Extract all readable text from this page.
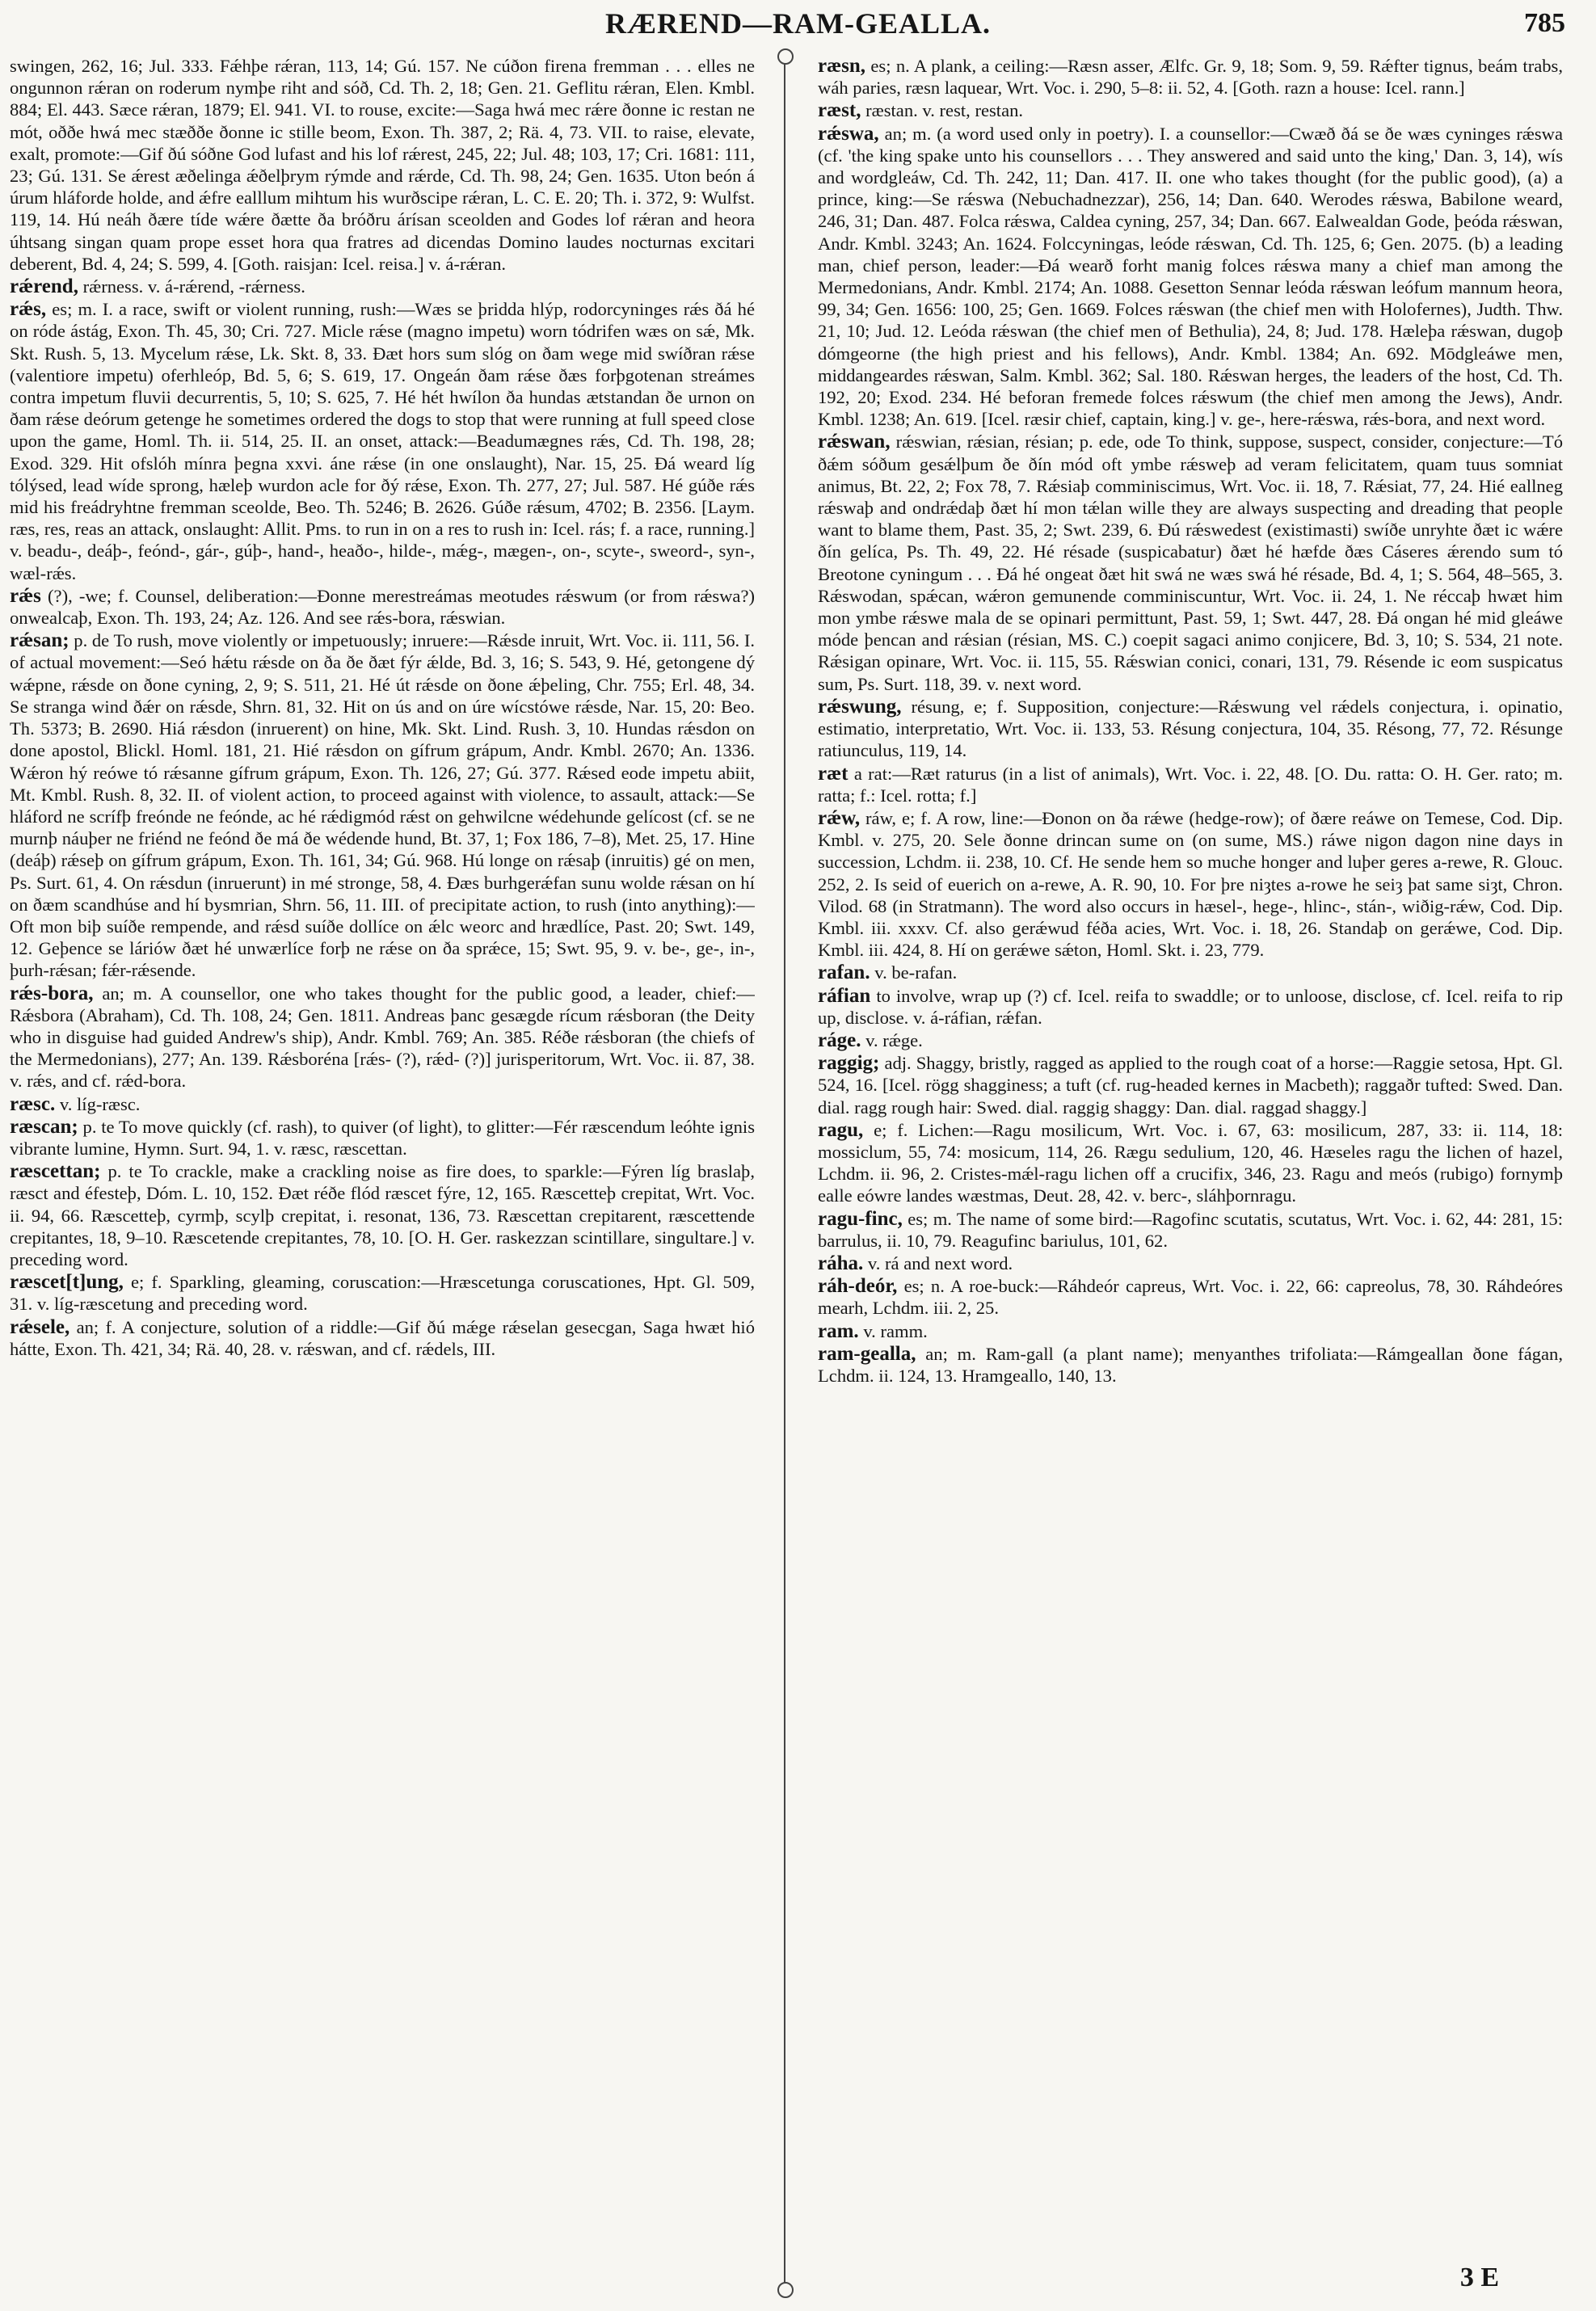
RÆREND—RAM-GEALLA.	785

swingen, 262, 16; Jul. 333. Fǽhþe rǽran, 113, 14; Gú. 157. Ne cúðon firena fremman . . . elles ne ongunnon rǽran on roderum nymþe riht and sóð, Cd. Th. 2, 18; Gen. 21. Geflitu rǽran, Elen. Kmbl. 884; El. 443. Sæce rǽran, 1879; El. 941. VI. to rouse, excite:—Saga hwá mec rǽre ðonne ic restan ne mót, oððe hwá mec stæððe ðonne ic stille beom, Exon. Th. 387, 2; Rä. 4, 73. VII. to raise, elevate, exalt, promote:—Gif ðú sóðne God lufast and his lof rǽrest, 245, 22; Jul. 48; 103, 17; Cri. 1681: 111, 23; Gú. 131. Se ǽrest æðelinga ǽðelþrym rýmde and rǽrde, Cd. Th. 98, 24; Gen. 1635. Uton beón á úrum hláforde holde, and ǽfre ealllum mihtum his wurðscipe rǽran, L. C. E. 20; Th. i. 372, 9: Wulfst. 119, 14. Hú neáh ðære tíde wǽre ðætte ða bróðru árísan sceolden and Godes lof rǽran and heora úhtsang singan quam prope esset hora qua fratres ad dicendas Domino laudes nocturnas excitari deberent, Bd. 4, 24; S. 599, 4. [Goth. raisjan: Icel. reisa.] v. á-rǽran.

rǽrend, rǽrness. v. á-rǽrend, -rǽrness.

rǽs, es; m. I. a race, swift or violent running, rush:—Wæs se þridda hlýp, rodorcyninges rǽs ðá hé on róde ástág, Exon. Th. 45, 30; Cri. 727. Micle rǽse (magno impetu) worn tódrifen wæs on sǽ, Mk. Skt. Rush. 5, 13. Mycelum rǽse, Lk. Skt. 8, 33. Ðæt hors sum slóg on ðam wege mid swíðran rǽse (valentiore impetu) oferhleóp, Bd. 5, 6; S. 619, 17. Ongeán ðam rǽse ðæs forþgotenan streámes contra impetum fluvii decurrentis, 5, 10; S. 625, 7. Hé hét hwílon ða hundas ætstandan ðe urnon on ðam rǽse deórum getenge he sometimes ordered the dogs to stop that were running at full speed close upon the game, Homl. Th. ii. 514, 25. II. an onset, attack:—Beadumægnes rǽs, Cd. Th. 198, 28; Exod. 329. Hit ofslóh mínra þegna xxvi. áne rǽse (in one onslaught), Nar. 15, 25. Ðá weard líg tólýsed, lead wíde sprong, hæleþ wurdon acle for ðý rǽse, Exon. Th. 277, 27; Jul. 587. Hé gúðe rǽs mid his freádryhtne fremman sceolde, Beo. Th. 5246; B. 2626. Gúðe rǽsum, 4702; B. 2356. [Laym. ræs, res, reas an attack, onslaught: Allit. Pms. to run in on a res to rush in: Icel. rás; f. a race, running.] v. beadu-, deáþ-, feónd-, gár-, gúþ-, hand-, heaðo-, hilde-, mǽg-, mægen-, on-, scyte-, sweord-, syn-, wæl-rǽs.

rǽs (?), -we; f. Counsel, deliberation:—Ðonne merestreámas meotudes rǽswum (or from rǽswa?) onwealcaþ, Exon. Th. 193, 24; Az. 126. And see rǽs-bora, rǽswian.

rǽsan; p. de To rush, move violently or impetuously; inruere:—Rǽsde inruit, Wrt. Voc. ii. 111, 56. I. of actual movement:—Seó hǽtu rǽsde on ða ðe ðæt fýr ǽlde, Bd. 3, 16; S. 543, 9. Hé, getongene dý wǽpne, rǽsde on ðone cyning, 2, 9; S. 511, 21. Hé út rǽsde on ðone ǽþeling, Chr. 755; Erl. 48, 34. Se stranga wind ðǽr on rǽsde, Shrn. 81, 32. Hit on ús and on úre wícstówe rǽsde, Nar. 15, 20: Beo. Th. 5373; B. 2690. Hiá rǽsdon (inruerent) on hine, Mk. Skt. Lind. Rush. 3, 10. Hundas rǽsdon on done apostol, Blickl. Homl. 181, 21. Hié rǽsdon on gífrum grápum, Andr. Kmbl. 2670; An. 1336. Wǽron hý reówe tó rǽsanne gífrum grápum, Exon. Th. 126, 27; Gú. 377. Rǽsed eode impetu abiit, Mt. Kmbl. Rush. 8, 32. II. of violent action, to proceed against with violence, to assault, attack:—Se hláford ne scrífþ freónde ne feónde, ac hé rǽdigmód rǽst on gehwilcne wédehunde gelícost (cf. se ne murnþ náuþer ne friénd ne feónd ðe má ðe wédende hund, Bt. 37, 1; Fox 186, 7–8), Met. 25, 17. Hine (deáþ) rǽseþ on gífrum grápum, Exon. Th. 161, 34; Gú. 968. Hú longe on rǽsaþ (inruitis) gé on men, Ps. Surt. 61, 4. On rǽsdun (inruerunt) in mé stronge, 58, 4. Ðæs burhgerǽfan sunu wolde rǽsan on hí on ðæm scandhúse and hí bysmrian, Shrn. 56, 11. III. of precipitate action, to rush (into anything):—Oft mon biþ suíðe rempende, and rǽsd suíðe dollíce on ǽlc weorc and hrædlíce, Past. 20; Swt. 149, 12. Geþence se láriów ðæt hé unwærlíce forþ ne rǽse on ða sprǽce, 15; Swt. 95, 9. v. be-, ge-, in-, þurh-rǽsan; fǽr-rǽsende.

rǽs-bora, an; m. A counsellor, one who takes thought for the public good, a leader, chief:—Rǽsbora (Abraham), Cd. Th. 108, 24; Gen. 1811. Andreas þanc gesægde rícum rǽsboran (the Deity who in disguise had guided Andrew's ship), Andr. Kmbl. 769; An. 385. Réðe rǽsboran (the chiefs of the Mermedonians), 277; An. 139. Rǽsboréna [rǽs- (?), rǽd- (?)] jurisperitorum, Wrt. Voc. ii. 87, 38. v. rǽs, and cf. rǽd-bora.

ræsc. v. líg-ræsc.

ræscan; p. te To move quickly (cf. rash), to quiver (of light), to glitter:—Fér ræscendum leóhte ignis vibrante lumine, Hymn. Surt. 94, 1. v. ræsc, ræscettan.

ræscettan; p. te To crackle, make a crackling noise as fire does, to sparkle:—Fýren líg braslaþ, ræsct and éfesteþ, Dóm. L. 10, 152. Ðæt réðe flód ræscet fýre, 12, 165. Ræscetteþ crepitat, Wrt. Voc. ii. 94, 66. Ræscetteþ, cyrmþ, scylþ crepitat, i. resonat, 136, 73. Ræscettan crepitarent, ræscettende crepitantes, 18, 9–10. Ræscetende crepitantes, 78, 10. [O. H. Ger. raskezzan scintillare, singultare.] v. preceding word.

ræscet[t]ung, e; f. Sparkling, gleaming, coruscation:—Hræscetunga coruscationes, Hpt. Gl. 509, 31. v. líg-ræscetung and preceding word.

rǽsele, an; f. A conjecture, solution of a riddle:—Gif ðú mǽge rǽselan gesecgan, Saga hwæt hió hátte, Exon. Th. 421, 34; Rä. 40, 28. v. rǽswan, and cf. rǽdels, III.

ræsn, es; n. A plank, a ceiling:—Ræsn asser, Ælfc. Gr. 9, 18; Som. 9, 59. Rǽfter tignus, beám trabs, wáh paries, ræsn laquear, Wrt. Voc. i. 290, 5–8: ii. 52, 4. [Goth. razn a house: Icel. rann.]

ræst, ræstan. v. rest, restan.

rǽswa, an; m. (a word used only in poetry). I. a counsellor:—Cwæð ðá se ðe wæs cyninges rǽswa (cf. 'the king spake unto his counsellors . . . They answered and said unto the king,' Dan. 3, 14), wís and wordgleáw, Cd. Th. 242, 11; Dan. 417. II. one who takes thought (for the public good), (a) a prince, king:—Se rǽswa (Nebuchadnezzar), 256, 14; Dan. 640. Werodes rǽswa, Babilone weard, 246, 31; Dan. 487. Folca rǽswa, Caldea cyning, 257, 34; Dan. 667. Ealwealdan Gode, þeóda rǽswan, Andr. Kmbl. 3243; An. 1624. Folccyningas, leóde rǽswan, Cd. Th. 125, 6; Gen. 2075. (b) a leading man, chief person, leader:—Ðá wearð forht manig folces rǽswa many a chief man among the Mermedonians, Andr. Kmbl. 2174; An. 1088. Gesetton Sennar leóda rǽswan leófum mannum heora, 99, 34; Gen. 1656: 100, 25; Gen. 1669. Folces rǽswan (the chief men with Holofernes), Judth. Thw. 21, 10; Jud. 12. Leóda rǽswan (the chief men of Bethulia), 24, 8; Jud. 178. Hæleþa rǽswan, dugoþ dómgeorne (the high priest and his fellows), Andr. Kmbl. 1384; An. 692. Mōdgleáwe men, middangeardes rǽswan, Salm. Kmbl. 362; Sal. 180. Rǽswan herges, the leaders of the host, Cd. Th. 192, 20; Exod. 234. Hé beforan fremede folces rǽswum (the chief men among the Jews), Andr. Kmbl. 1238; An. 619. [Icel. ræsir chief, captain, king.] v. ge-, here-rǽswa, rǽs-bora, and next word.

rǽswan, rǽswian, rǽsian, résian; p. ede, ode To think, suppose, suspect, consider, conjecture:—Tó ðǽm sóðum gesǽlþum ðe ðín mód oft ymbe rǽsweþ ad veram felicitatem, quam tuus somniat animus, Bt. 22, 2; Fox 78, 7. Rǽsiaþ comminiscimus, Wrt. Voc. ii. 18, 7. Rǽsiat, 77, 24. Hié eallneg rǽswaþ and ondrǽdaþ ðæt hí mon tǽlan wille they are always suspecting and dreading that people want to blame them, Past. 35, 2; Swt. 239, 6. Ðú rǽswedest (existimasti) swíðe unryhte ðæt ic wǽre ðín gelíca, Ps. Th. 49, 22. Hé résade (suspicabatur) ðæt hé hæfde ðæs Cáseres ǽrendo sum tó Breotone cyningum . . . Ðá hé ongeat ðæt hit swá ne wæs swá hé résade, Bd. 4, 1; S. 564, 48–565, 3. Rǽswodan, spǽcan, wǽron gemunende comminiscuntur, Wrt. Voc. ii. 24, 1. Ne réccaþ hwæt him mon ymbe rǽswe mala de se opinari permittunt, Past. 59, 1; Swt. 447, 28. Ðá ongan hé mid gleáwe móde þencan and rǽsian (résian, MS. C.) coepit sagaci animo conjicere, Bd. 3, 10; S. 534, 21 note. Rǽsigan opinare, Wrt. Voc. ii. 115, 55. Rǽswian conici, conari, 131, 79. Résende ic eom suspicatus sum, Ps. Surt. 118, 39. v. next word.

rǽswung, résung, e; f. Supposition, conjecture:—Rǽswung vel rǽdels conjectura, i. opinatio, estimatio, interpretatio, Wrt. Voc. ii. 133, 53. Résung conjectura, 104, 35. Résong, 77, 72. Résunge ratiunculus, 119, 14.

ræt a rat:—Ræt raturus (in a list of animals), Wrt. Voc. i. 22, 48. [O. Du. ratta: O. H. Ger. rato; m. ratta; f.: Icel. rotta; f.]

rǽw, ráw, e; f. A row, line:—Ðonon on ða rǽwe (hedge-row); of ðære reáwe on Temese, Cod. Dip. Kmbl. v. 275, 20. Sele ðonne drincan sume on (on sume, MS.) ráwe nigon dagon nine days in succession, Lchdm. ii. 238, 10. Cf. He sende hem so muche honger and luþer geres a-rewe, R. Glouc. 252, 2. Is seid of euerich on a-rewe, A. R. 90, 10. For þre niȝtes a-rowe he seiȝ þat same siȝt, Chron. Vilod. 68 (in Stratmann). The word also occurs in hæsel-, hege-, hlinc-, stán-, wiðig-rǽw, Cod. Dip. Kmbl. iii. xxxv. Cf. also gerǽwud féða acies, Wrt. Voc. i. 18, 26. Standaþ on gerǽwe, Cod. Dip. Kmbl. iii. 424, 8. Hí on gerǽwe sǽton, Homl. Skt. i. 23, 779.

rafan. v. be-rafan.

ráfian to involve, wrap up (?) cf. Icel. reifa to swaddle; or to unloose, disclose, cf. Icel. reifa to rip up, disclose. v. á-ráfian, rǽfan.

ráge. v. rǽge.

raggig; adj. Shaggy, bristly, ragged as applied to the rough coat of a horse:—Raggie setosa, Hpt. Gl. 524, 16. [Icel. rögg shagginess; a tuft (cf. rug-headed kernes in Macbeth); raggaðr tufted: Swed. Dan. dial. ragg rough hair: Swed. dial. raggig shaggy: Dan. dial. raggad shaggy.]

ragu, e; f. Lichen:—Ragu mosilicum, Wrt. Voc. i. 67, 63: mosilicum, 287, 33: ii. 114, 18: mossiclum, 55, 74: mosicum, 114, 26. Rægu sedulium, 120, 46. Hæseles ragu the lichen of hazel, Lchdm. ii. 96, 2. Cristes-mǽl-ragu lichen off a crucifix, 346, 23. Ragu and meós (rubigo) fornymþ ealle eówre landes wæstmas, Deut. 28, 42. v. berc-, sláhþornragu.

ragu-finc, es; m. The name of some bird:—Ragofinc scutatis, scutatus, Wrt. Voc. i. 62, 44: 281, 15: barrulus, ii. 10, 79. Reagufinc bariulus, 101, 62.

ráha. v. rá and next word.

ráh-deór, es; n. A roe-buck:—Ráhdeór capreus, Wrt. Voc. i. 22, 66: capreolus, 78, 30. Ráhdeóres mearh, Lchdm. iii. 2, 25.

ram. v. ramm.

ram-gealla, an; m. Ram-gall (a plant name); menyanthes trifoliata:—Rámgeallan ðone fágan, Lchdm. ii. 124, 13. Hramgeallo, 140, 13.

3 E
